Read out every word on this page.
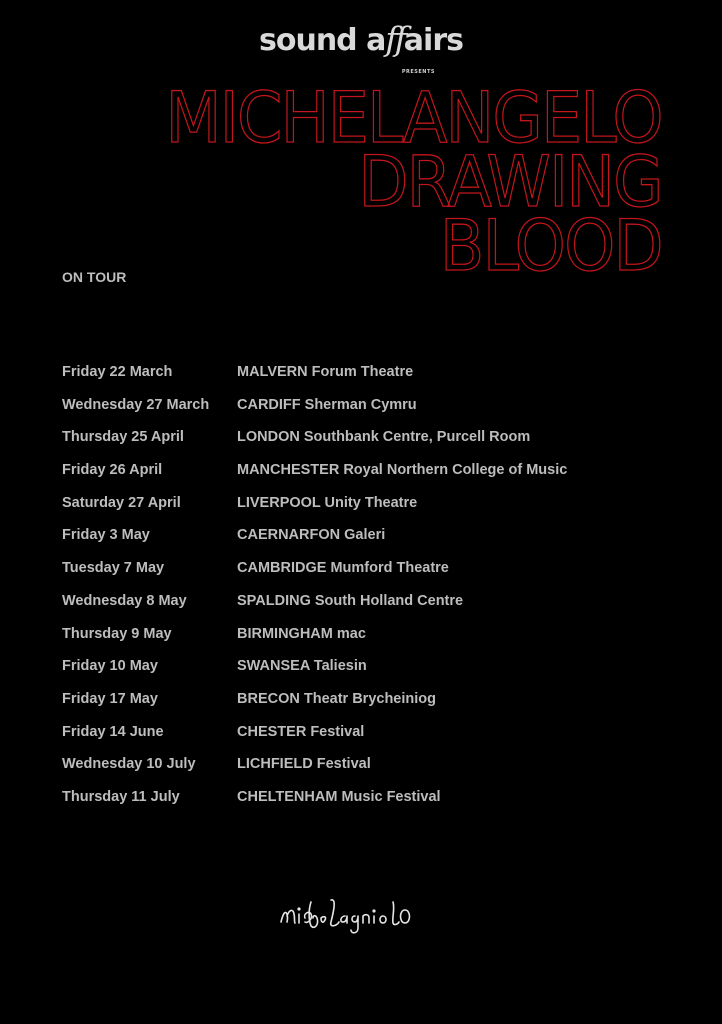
sound affairs
PRESENTS
MICHELANGELO
DRAWING
BLOOD
ON TOUR
Friday 22 March	MALVERN Forum Theatre
Wednesday 27 March	CARDIFF Sherman Cymru
Thursday 25 April	LONDON Southbank Centre, Purcell Room
Friday 26 April	MANCHESTER Royal Northern College of Music
Saturday 27 April	LIVERPOOL Unity Theatre
Friday 3 May	CAERNARFON Galeri
Tuesday 7 May	CAMBRIDGE Mumford Theatre
Wednesday 8 May	SPALDING South Holland Centre
Thursday 9 May	BIRMINGHAM mac
Friday 10 May	SWANSEA Taliesin
Friday 17 May	BRECON Theatr Brycheiniog
Friday 14 June	CHESTER Festival
Wednesday 10 July	LICHFIELD Festival
Thursday 11 July	CHELTENHAM Music Festival
